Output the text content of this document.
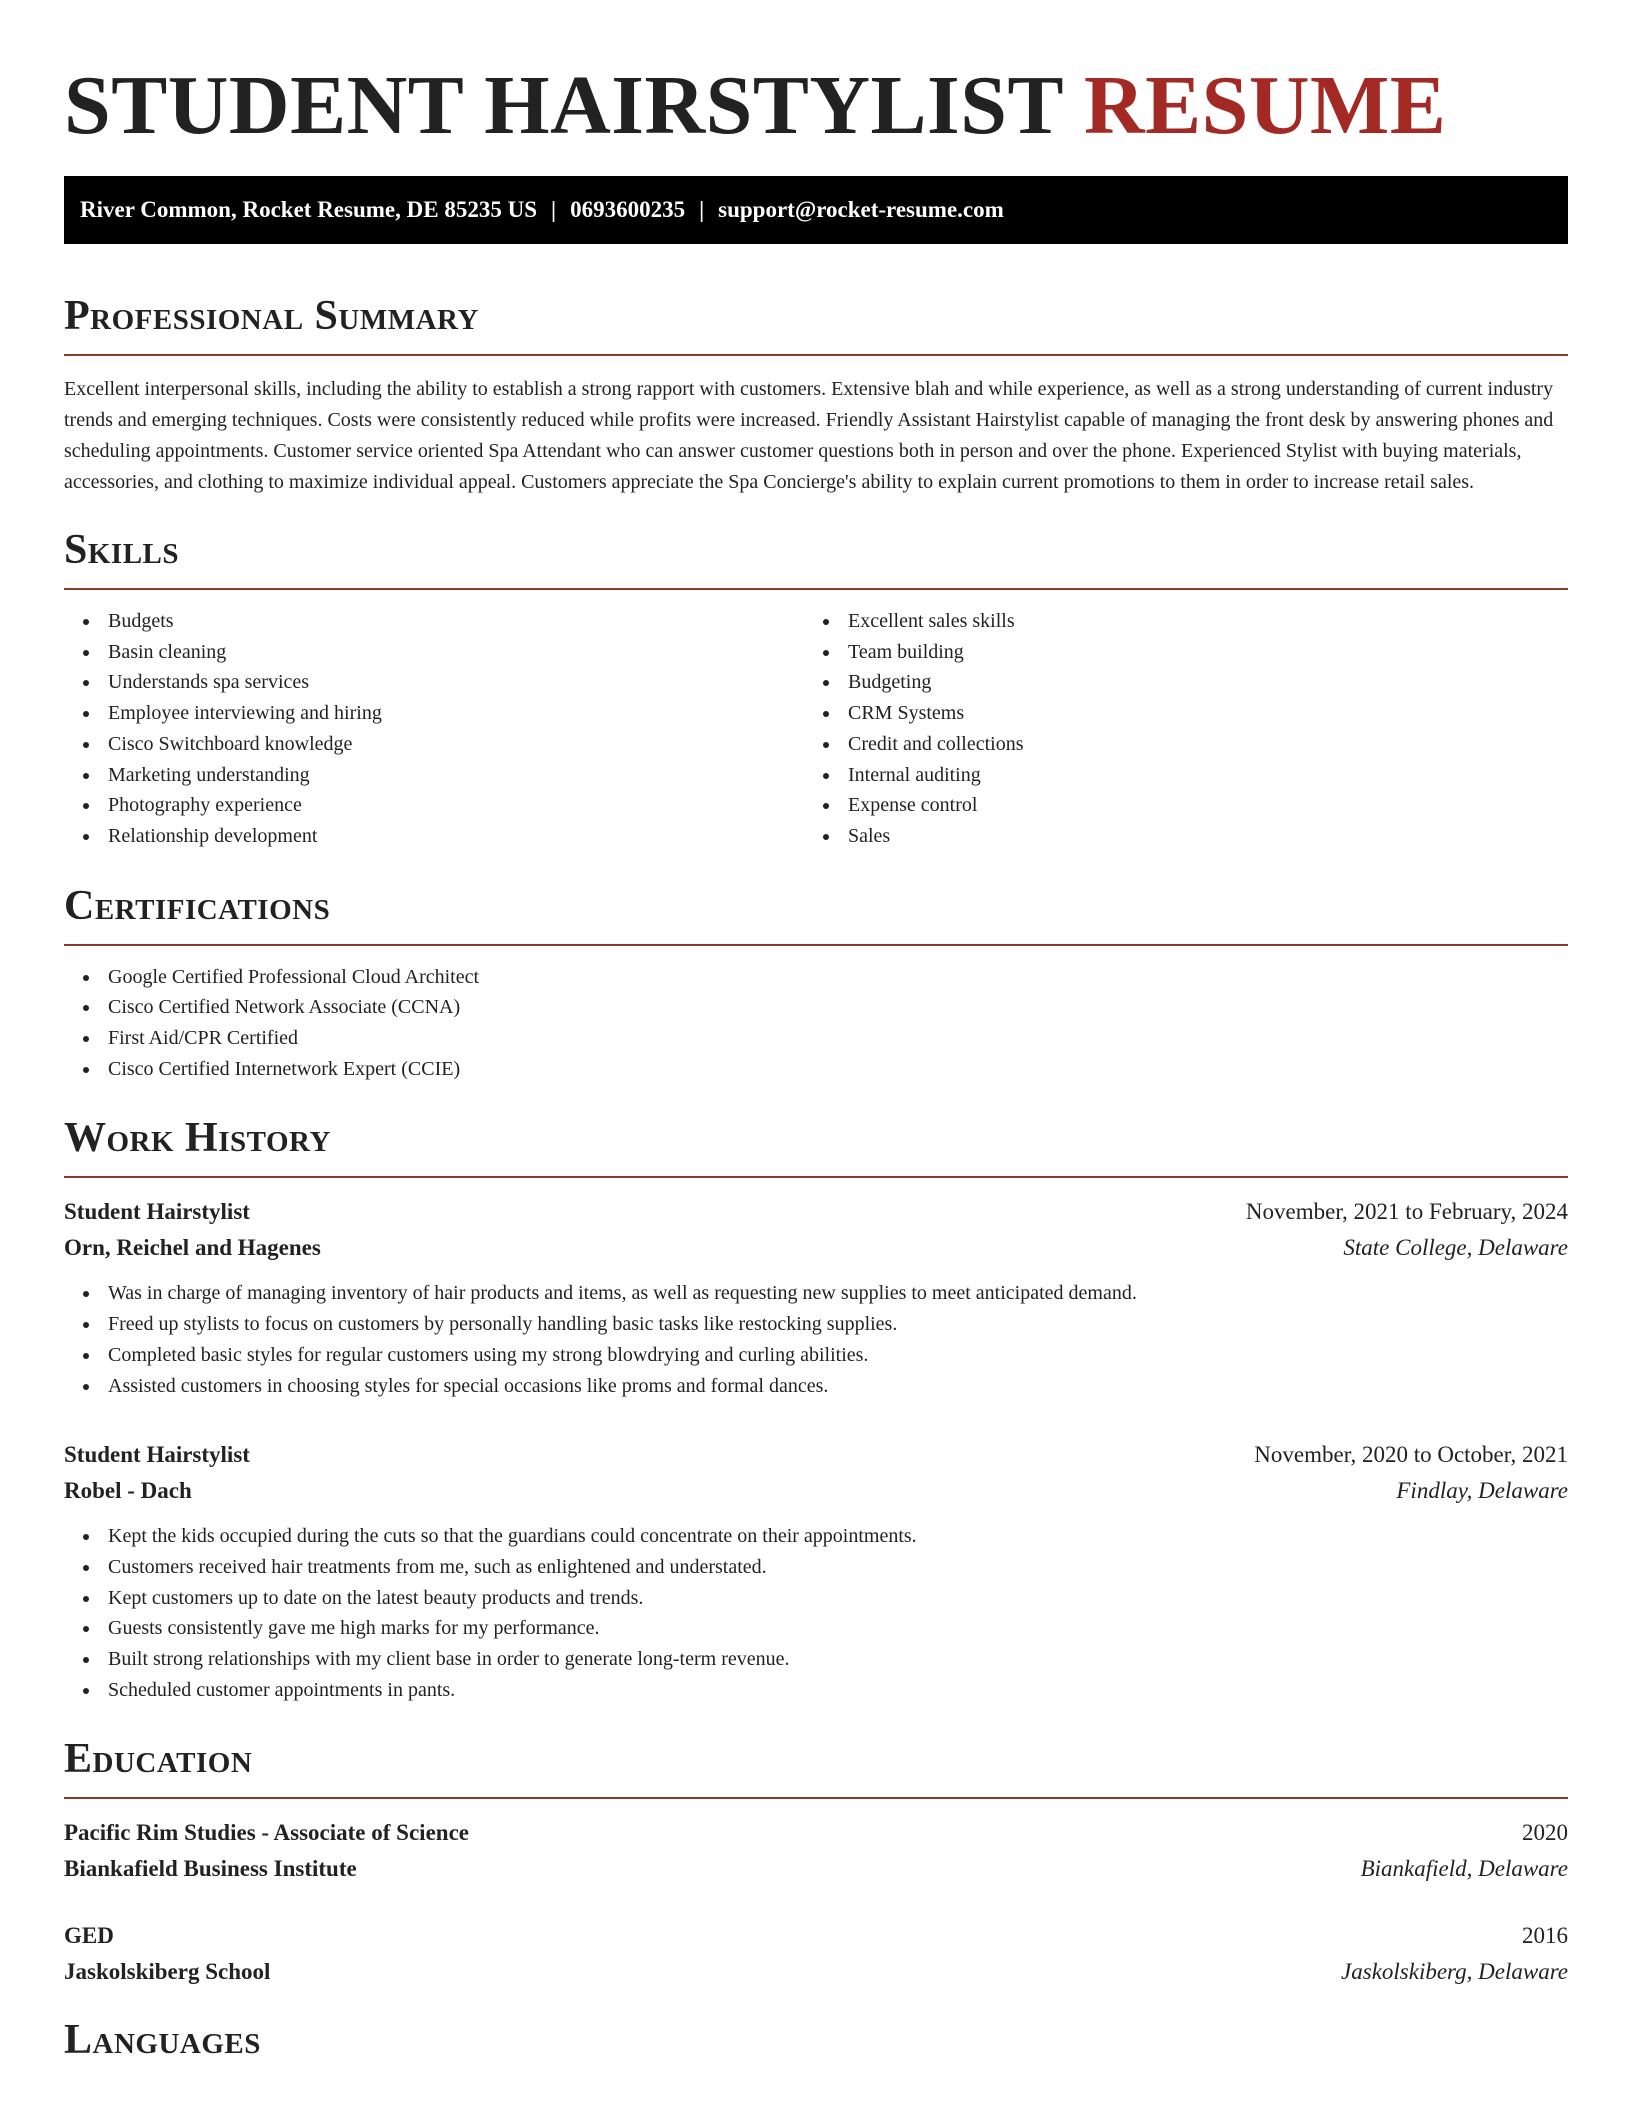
STUDENT HAIRSTYLIST RESUME
River Common, Rocket Resume, DE 85235 US | 0693600235 | support@rocket-resume.com
Professional Summary

Excellent interpersonal skills, including the ability to establish a strong rapport with customers. Extensive blah and while experience, as well as a strong understanding of current industry trends and emerging techniques. Costs were consistently reduced while profits were increased. Friendly Assistant Hairstylist capable of managing the front desk by answering phones and scheduling appointments. Customer service oriented Spa Attendant who can answer customer questions both in person and over the phone. Experienced Stylist with buying materials, accessories, and clothing to maximize individual appeal. Customers appreciate the Spa Concierge's ability to explain current promotions to them in order to increase retail sales.

Skills
Budgets
Basin cleaning
Understands spa services
Employee interviewing and hiring
Cisco Switchboard knowledge
Marketing understanding
Photography experience
Relationship development
Excellent sales skills
Team building
Budgeting
CRM Systems
Credit and collections
Internal auditing
Expense control
Sales
Certifications
Google Certified Professional Cloud Architect
Cisco Certified Network Associate (CCNA)
First Aid/CPR Certified
Cisco Certified Internetwork Expert (CCIE)
Work History
Student Hairstylist	November, 2021 to February, 2024
Orn, Reichel and Hagenes	State College, Delaware
Was in charge of managing inventory of hair products and items, as well as requesting new supplies to meet anticipated demand.
Freed up stylists to focus on customers by personally handling basic tasks like restocking supplies.
Completed basic styles for regular customers using my strong blowdrying and curling abilities.
Assisted customers in choosing styles for special occasions like proms and formal dances.
Student Hairstylist	November, 2020 to October, 2021
Robel - Dach	Findlay, Delaware
Kept the kids occupied during the cuts so that the guardians could concentrate on their appointments.
Customers received hair treatments from me, such as enlightened and understated.
Kept customers up to date on the latest beauty products and trends.
Guests consistently gave me high marks for my performance.
Built strong relationships with my client base in order to generate long-term revenue.
Scheduled customer appointments in pants.
Education
Pacific Rim Studies - Associate of Science	2020
Biankafield Business Institute	Biankafield, Delaware
GED	2016
Jaskolskiberg School	Jaskolskiberg, Delaware
Languages
